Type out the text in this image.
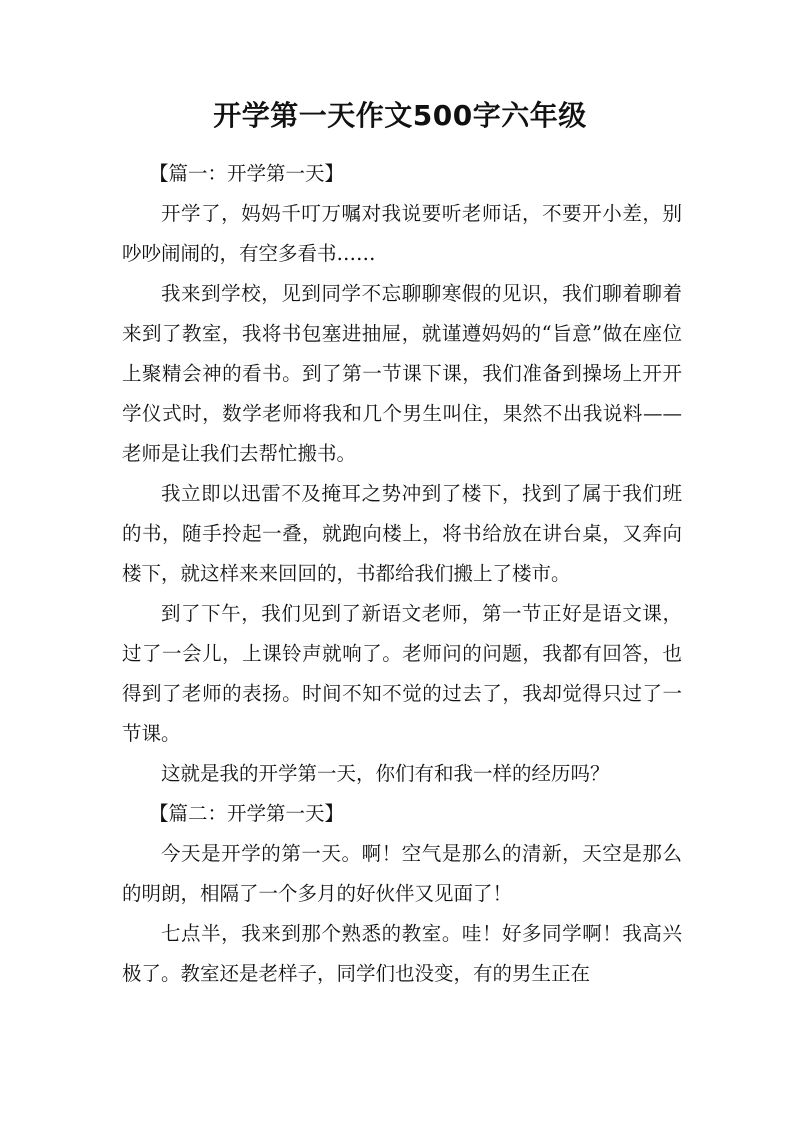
开学第一天作文500字六年级
【篇一：开学第一天】

开学了，妈妈千叮万嘱对我说要听老师话，不要开小差，别吵吵闹闹的，有空多看书……

我来到学校，见到同学不忘聊聊寒假的见识，我们聊着聊着来到了教室，我将书包塞进抽屉，就谨遵妈妈的“旨意”做在座位上聚精会神的看书。到了第一节课下课，我们准备到操场上开开学仪式时，数学老师将我和几个男生叫住，果然不出我说料——老师是让我们去帮忙搬书。

我立即以迅雷不及掩耳之势冲到了楼下，找到了属于我们班的书，随手拎起一叠，就跑向楼上，将书给放在讲台桌，又奔向楼下，就这样来来回回的，书都给我们搬上了楼市。

到了下午，我们见到了新语文老师，第一节正好是语文课，过了一会儿，上课铃声就响了。老师问的问题，我都有回答，也得到了老师的表扬。时间不知不觉的过去了，我却觉得只过了一节课。

这就是我的开学第一天，你们有和我一样的经历吗？

【篇二：开学第一天】

今天是开学的第一天。啊！空气是那么的清新，天空是那么的明朗，相隔了一个多月的好伙伴又见面了！

七点半，我来到那个熟悉的教室。哇！好多同学啊！我高兴极了。教室还是老样子，同学们也没变，有的男生正在
